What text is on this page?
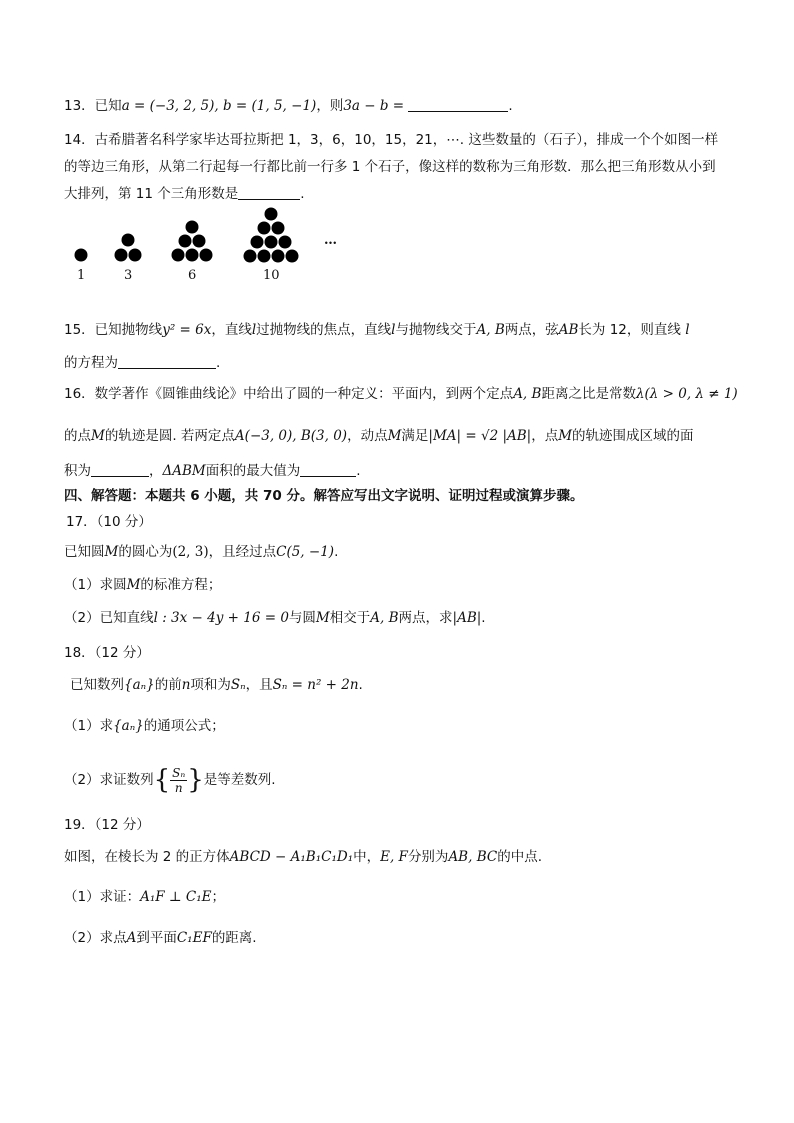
13．已知a = (−3, 2, 5), b = (1, 5, −1)，则3a − b =	.
14．古希腊著名科学家毕达哥拉斯把 1，3，6，10，15，21，⋯. 这些数量的（石子），排成一个个如图一样
的等边三角形，从第二行起每一行都比前一行多 1 个石子，像这样的数称为三角形数．那么把三角形数从小到
大排列，第 11 个三角形数是	.
…
1	3	6	10
15．已知抛物线y² = 6x，直线l过抛物线的焦点，直线l与抛物线交于A, B两点，弦AB长为 12，则直线 l
的方程为	.
16．数学著作《圆锥曲线论》中给出了圆的一种定义：平面内，到两个定点A, B距离之比是常数λ(λ > 0, λ ≠ 1)
的点M的轨迹是圆. 若两定点A(−3, 0), B(3, 0)，动点M满足|MA| = √2 |AB|，点M的轨迹围成区域的面
积为	，ΔABM面积的最大值为	.
四、解答题：本题共 6 小题，共 70 分。解答应写出文字说明、证明过程或演算步骤。
17．（10 分）
已知圆M的圆心为(2, 3)，且经过点C(5, −1).
（1）求圆M的标准方程；
（2）已知直线l : 3x − 4y + 16 = 0与圆M相交于A, B两点，求|AB|.
18．（12 分）
已知数列{aₙ}的前n项和为Sₙ，且Sₙ = n² + 2n.
（1）求{aₙ}的通项公式；
（2）求证数列{ $\frac{\text{Sₙ}}{n}$ }是等差数列.
19．（12 分）
如图，在棱长为 2 的正方体ABCD − A₁B₁C₁D₁中，E, F分别为AB, BC的中点.
（1）求证：A₁F ⊥ C₁E；
（2）求点A到平面C₁EF的距离.
